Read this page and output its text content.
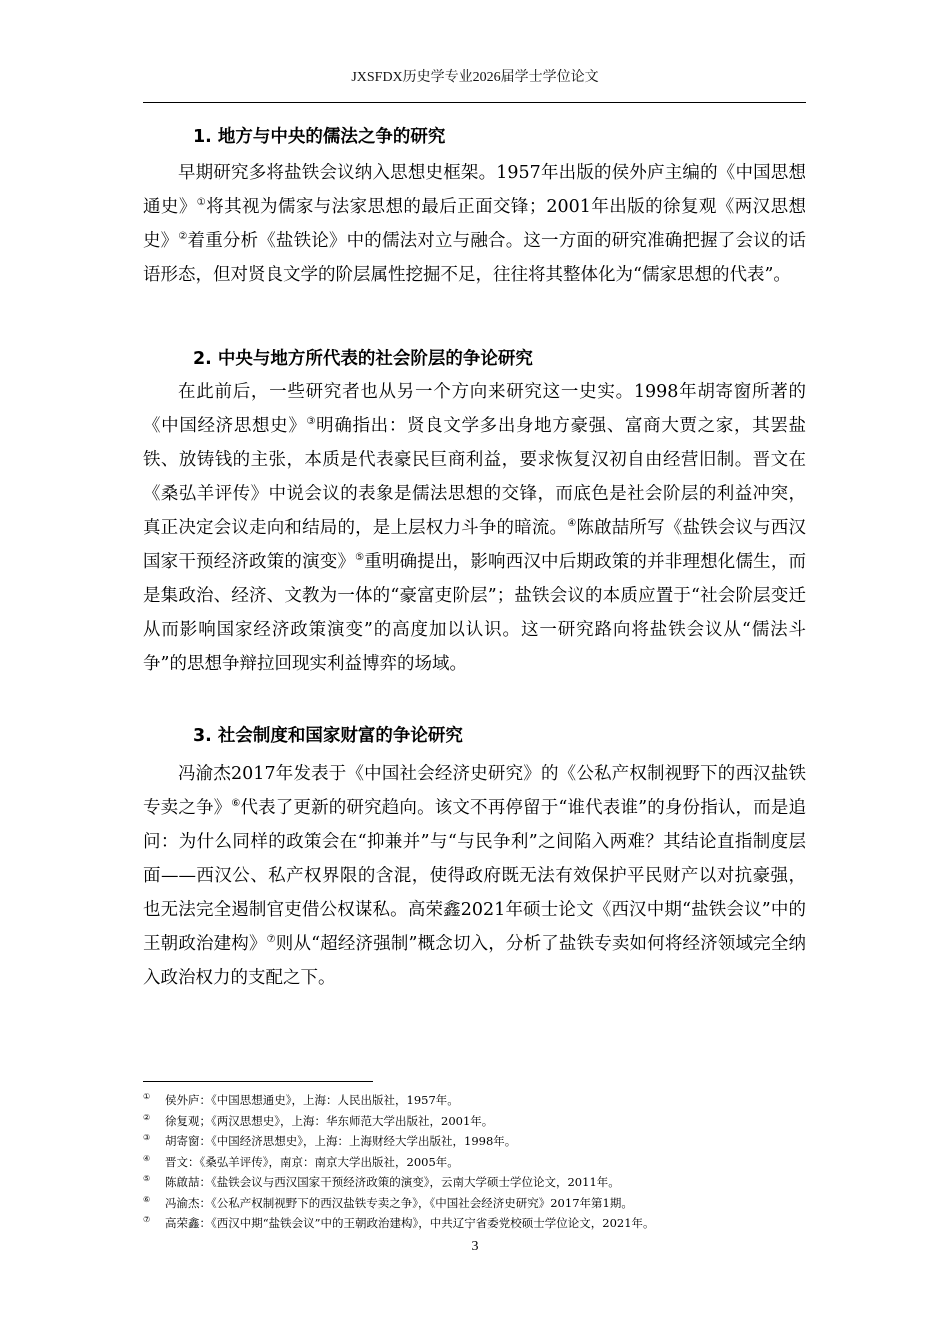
JXSFDX历史学专业2026届学士学位论文
1. 地方与中央的儒法之争的研究

早期研究多将盐铁会议纳入思想史框架。1957年出版的侯外庐主编的《中国思想通史》①将其视为儒家与法家思想的最后正面交锋；2001年出版的徐复观《两汉思想史》②着重分析《盐铁论》中的儒法对立与融合。这一方面的研究准确把握了会议的话语形态，但对贤良文学的阶层属性挖掘不足，往往将其整体化为“儒家思想的代表”。

2. 中央与地方所代表的社会阶层的争论研究

在此前后，一些研究者也从另一个方向来研究这一史实。1998年胡寄窗所著的《中国经济思想史》③明确指出：贤良文学多出身地方豪强、富商大贾之家，其罢盐铁、放铸钱的主张，本质是代表豪民巨商利益，要求恢复汉初自由经营旧制。晋文在《桑弘羊评传》中说会议的表象是儒法思想的交锋，而底色是社会阶层的利益冲突，真正决定会议走向和结局的，是上层权力斗争的暗流。④陈啟喆所写《盐铁会议与西汉国家干预经济政策的演变》⑤重明确提出，影响西汉中后期政策的并非理想化儒生，而是集政治、经济、文教为一体的“豪富吏阶层”；盐铁会议的本质应置于“社会阶层变迁从而影响国家经济政策演变”的高度加以认识。这一研究路向将盐铁会议从“儒法斗争”的思想争辩拉回现实利益博弈的场域。

3. 社会制度和国家财富的争论研究

冯渝杰2017年发表于《中国社会经济史研究》的《公私产权制视野下的西汉盐铁专卖之争》⑥代表了更新的研究趋向。该文不再停留于“谁代表谁”的身份指认，而是追问：为什么同样的政策会在“抑兼并”与“与民争利”之间陷入两难？其结论直指制度层面——西汉公、私产权界限的含混，使得政府既无法有效保护平民财产以对抗豪强，也无法完全遏制官吏借公权谋私。高荣鑫2021年硕士论文《西汉中期“盐铁会议”中的王朝政治建构》⑦则从“超经济强制”概念切入，分析了盐铁专卖如何将经济领域完全纳入政治权力的支配之下。

① 侯外庐：《中国思想通史》，上海：人民出版社，1957年。
② 徐复观；《两汉思想史》，上海：华东师范大学出版社，2001年。
③ 胡寄窗：《中国经济思想史》，上海：上海财经大学出版社，1998年。
④ 晋文：《桑弘羊评传》，南京：南京大学出版社，2005年。
⑤ 陈啟喆：《盐铁会议与西汉国家干预经济政策的演变》，云南大学硕士学位论文，2011年。
⑥ 冯渝杰：《公私产权制视野下的西汉盐铁专卖之争》，《中国社会经济史研究》2017年第1期。
⑦ 高荣鑫：《西汉中期“盐铁会议”中的王朝政治建构》，中共辽宁省委党校硕士学位论文，2021年。
3
